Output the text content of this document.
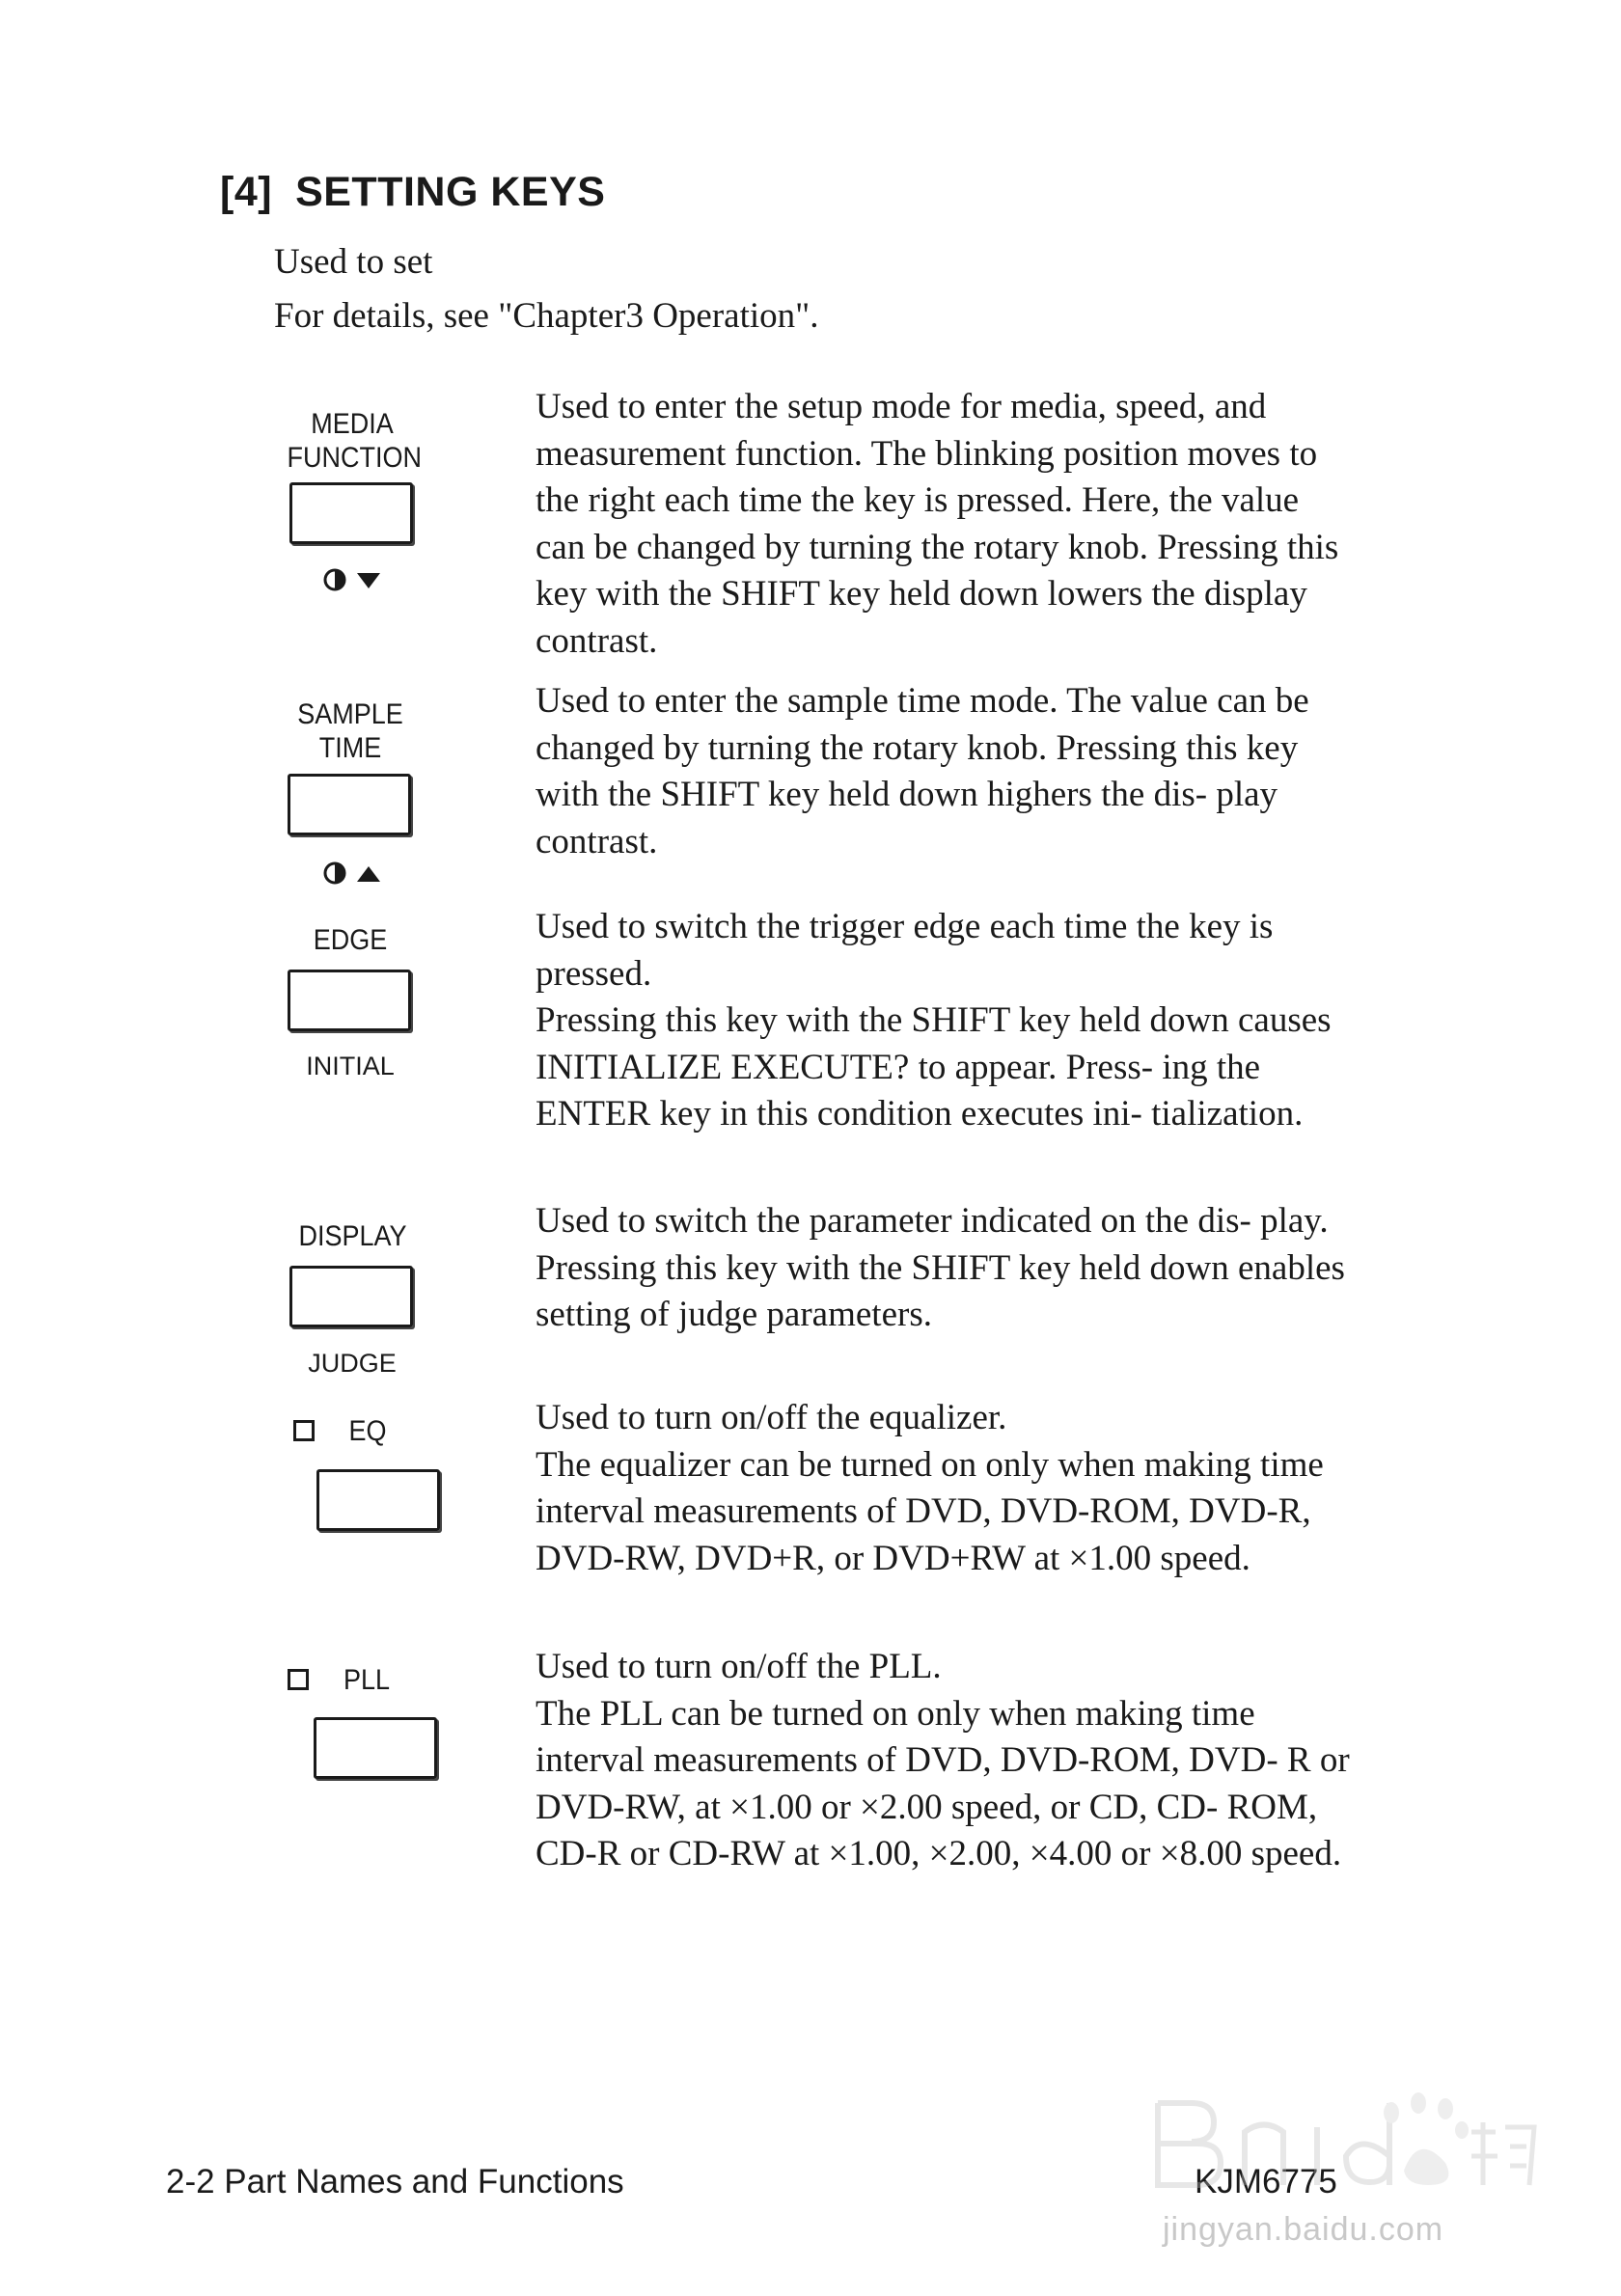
[4] SETTING KEYS
Used to set
For details, see "Chapter3 Operation".
MEDIA
FUNCTION
Used to enter the setup mode for media, speed, and measurement function. The blinking position moves to the right each time the key is pressed. Here, the value can be changed by turning the rotary knob. Pressing this key with the SHIFT key held down lowers the display contrast.
SAMPLE
TIME
Used to enter the sample time mode. The value can be changed by turning the rotary knob. Pressing this key with the SHIFT key held down highers the dis- play contrast.
EDGE
INITIAL
Used to switch the trigger edge each time the key is pressed.
Pressing this key with the SHIFT key held down causes INITIALIZE EXECUTE? to appear. Press- ing the ENTER key in this condition executes ini- tialization.
DISPLAY
JUDGE
Used to switch the parameter indicated on the dis- play. Pressing this key with the SHIFT key held down enables setting of judge parameters.
EQ	Used to turn on/off the equalizer.
The equalizer can be turned on only when making time interval measurements of DVD, DVD-ROM, DVD-R, DVD-RW, DVD+R, or DVD+RW at ×1.00 speed.
PLL	Used to turn on/off the PLL.
The PLL can be turned on only when making time interval measurements of DVD, DVD-ROM, DVD- R or DVD-RW, at ×1.00 or ×2.00 speed, or CD, CD- ROM, CD-R or CD-RW at ×1.00, ×2.00, ×4.00 or ×8.00 speed.
2-2 Part Names and Functions	KJM6775
jingyan.baidu.com
